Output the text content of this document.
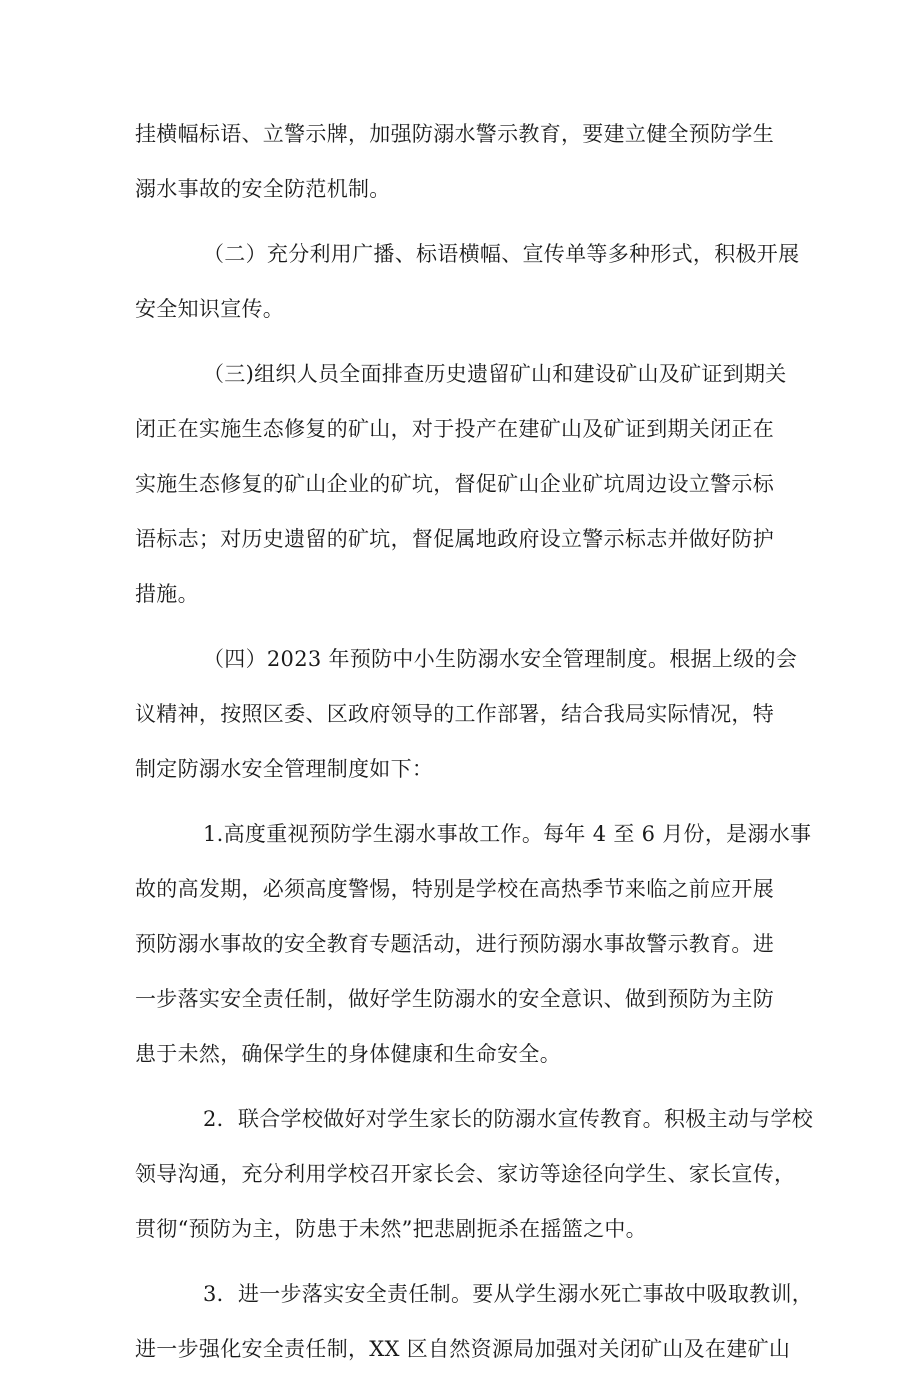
挂横幅标语、立警示牌，加强防溺水警示教育，要建立健全预防学生
溺水事故的安全防范机制。
（二）充分利用广播、标语横幅、宣传单等多种形式，积极开展
安全知识宣传。
（三)组织人员全面排查历史遗留矿山和建设矿山及矿证到期关
闭正在实施生态修复的矿山，对于投产在建矿山及矿证到期关闭正在
实施生态修复的矿山企业的矿坑，督促矿山企业矿坑周边设立警示标
语标志；对历史遗留的矿坑，督促属地政府设立警示标志并做好防护
措施。
（四）2023 年预防中小生防溺水安全管理制度。根据上级的会
议精神，按照区委、区政府领导的工作部署，结合我局实际情况，特
制定防溺水安全管理制度如下：
1.高度重视预防学生溺水事故工作。每年 4 至 6 月份，是溺水事
故的高发期，必须高度警惕，特别是学校在高热季节来临之前应开展
预防溺水事故的安全教育专题活动，进行预防溺水事故警示教育。进
一步落实安全责任制，做好学生防溺水的安全意识、做到预防为主防
患于未然，确保学生的身体健康和生命安全。
2．联合学校做好对学生家长的防溺水宣传教育。积极主动与学校
领导沟通，充分利用学校召开家长会、家访等途径向学生、家长宣传，
贯彻“预防为主，防患于未然”把悲剧扼杀在摇篮之中。
3．进一步落实安全责任制。要从学生溺水死亡事故中吸取教训，
进一步强化安全责任制，XX 区自然资源局加强对关闭矿山及在建矿山
